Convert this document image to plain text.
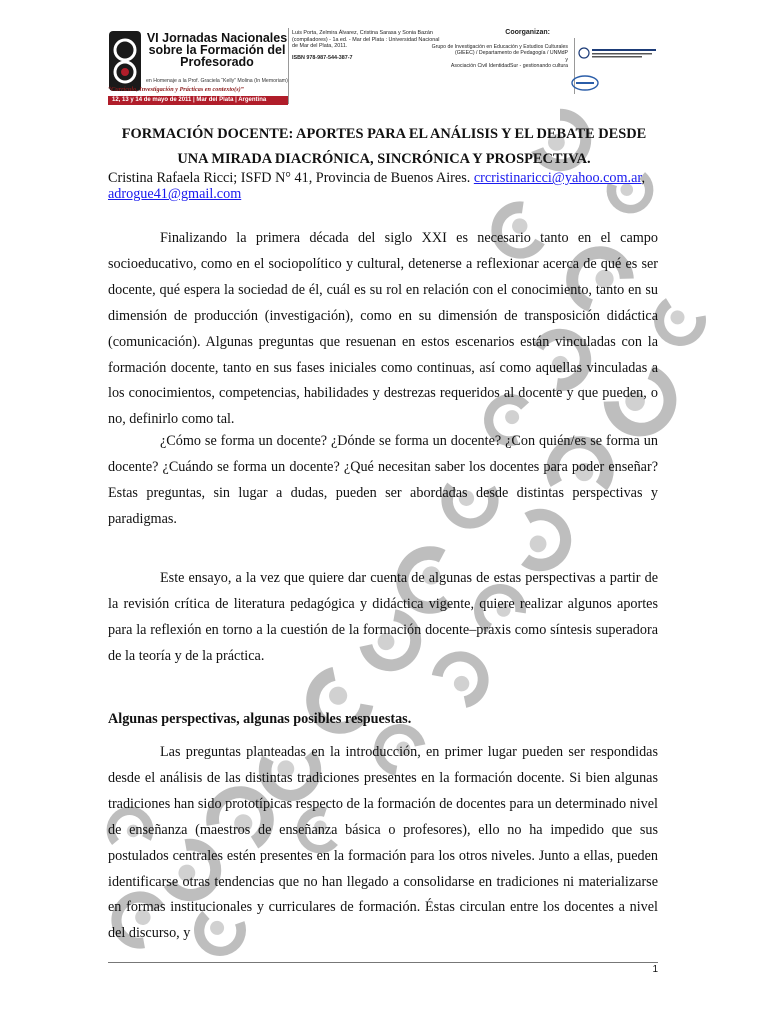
VI Jornadas Nacionales sobre la Formación del Profesorado
en Homenaje a la Prof. Graciela “Kelly” Molina (In Memoriam)
“Currículo, Investigación y Prácticas en contexto(s)”
12, 13 y 14 de mayo de 2011 | Mar del Plata | Argentina
Luis Porta, Zelmira Álvarez, Cristina Sarasa y Sonia Bazán (compiladores) - 1a ed. - Mar del Plata : Universidad Nacional de Mar del Plata, 2011.
ISBN 978-987-544-387-7
Coorganizan:
Grupo de Investigación en Educación y Estudios Culturales (GIEEC) / Departamento de Pedagogía / UNMdP
y
Asociación Civil IdentidadSur - gestionando cultura
FORMACIÓN DOCENTE: APORTES PARA EL ANÁLISIS Y EL DEBATE DESDE UNA MIRADA DIACRÓNICA, SINCRÓNICA Y PROSPECTIVA.
Cristina Rafaela Ricci; ISFD N° 41, Provincia de Buenos Aires. crcristinaricci@yahoo.com.ar, adrogue41@gmail.com

Finalizando la primera década del siglo XXI es necesario tanto en el campo socioeducativo, como en el sociopolítico y cultural, detenerse a reflexionar acerca de qué es ser docente, qué espera la sociedad de él, cuál es su rol en relación con el conocimiento, tanto en su dimensión de producción (investigación), como en su dimensión de transposición didáctica (comunicación). Algunas preguntas que resuenan en estos escenarios están vinculadas con la formación docente, tanto en sus fases iniciales como continuas, así como aquellas vinculadas a los conocimientos, competencias, habilidades y destrezas requeridos al docente y que pueden, o no, definirlo como tal.

¿Cómo se forma un docente? ¿Dónde se forma un docente? ¿Con quién/es se forma un docente? ¿Cuándo se forma un docente? ¿Qué necesitan saber los docentes para poder enseñar? Estas preguntas, sin lugar a dudas, pueden ser abordadas desde distintas perspectivas y paradigmas.

Este ensayo, a la vez que quiere dar cuenta de algunas de estas perspectivas a partir de la revisión crítica de literatura pedagógica y didáctica vigente, quiere realizar algunos aportes para la reflexión en torno a la cuestión de la formación docente–praxis como síntesis superadora de la teoría y de la práctica.

Algunas perspectivas, algunas posibles respuestas.

Las preguntas planteadas en la introducción, en primer lugar pueden ser respondidas desde el análisis de las distintas tradiciones presentes en la formación docente. Si bien algunas tradiciones han sido prototípicas respecto de la formación de docentes para un determinado nivel de enseñanza (maestros de enseñanza básica o profesores), ello no ha impedido que sus postulados centrales estén presentes en la formación para los otros niveles. Junto a ellas, pueden identificarse otras tendencias que no han llegado a consolidarse en tradiciones ni materializarse en formas institucionales y curriculares de formación. Éstas circulan entre los docentes a nivel del discurso, y

1
